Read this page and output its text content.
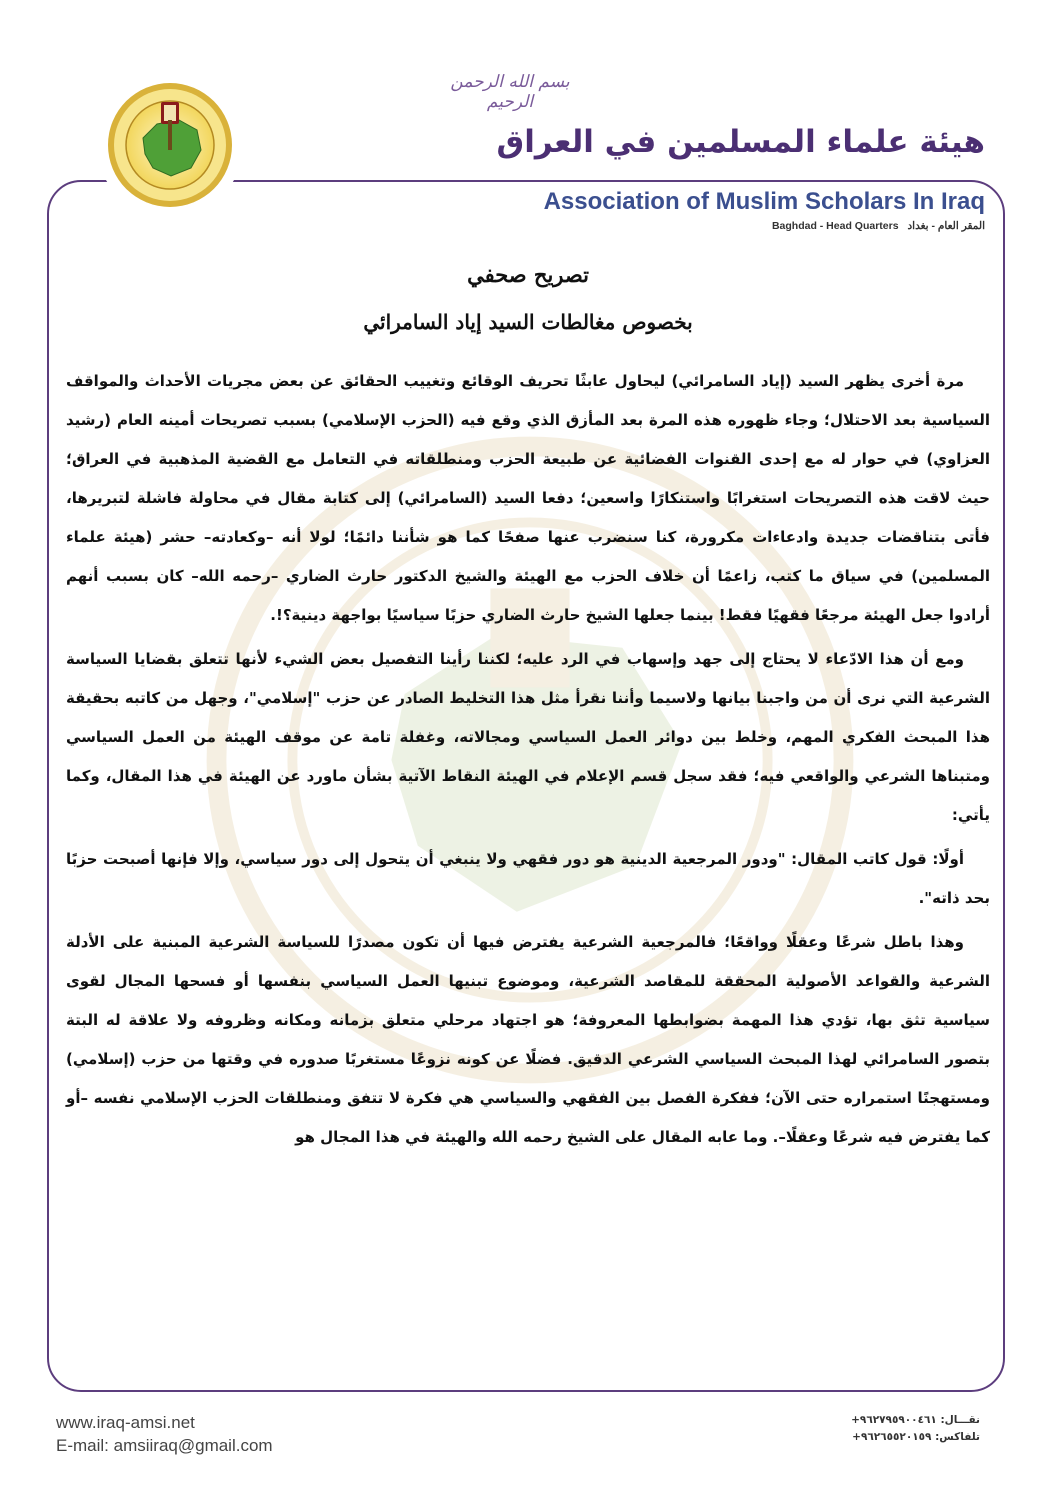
بسم الله الرحمن الرحيم
هيئة علماء المسلمين في العراق
Association of Muslim Scholars In Iraq
Baghdad - Head Quarters المقر العام - بغداد
تصريح صحفي
بخصوص مغالطات السيد إياد السامرائي

مرة أخرى يظهر السيد (إياد السامرائي) ليحاول عابثًا تحريف الوقائع وتغييب الحقائق عن بعض مجريات الأحداث والمواقف السياسية بعد الاحتلال؛ وجاء ظهوره هذه المرة بعد المأزق الذي وقع فيه (الحزب الإسلامي) بسبب تصريحات أمينه العام (رشيد العزاوي) في حوار له مع إحدى القنوات الفضائية عن طبيعة الحزب ومنطلقاته في التعامل مع القضية المذهبية في العراق؛ حيث لاقت هذه التصريحات استغرابًا واستنكارًا واسعين؛ دفعا السيد (السامرائي) إلى كتابة مقال في محاولة فاشلة لتبريرها، فأتى بتناقضات جديدة وادعاءات مكرورة، كنا سنضرب عنها صفحًا كما هو شأننا دائمًا؛ لولا أنه –وكعادته– حشر (هيئة علماء المسلمين) في سياق ما كتب، زاعمًا أن خلاف الحزب مع الهيئة والشيخ الدكتور حارث الضاري –رحمه الله– كان بسبب أنهم أرادوا جعل الهيئة مرجعًا فقهيًا فقط! بينما جعلها الشيخ حارث الضاري حزبًا سياسيًا بواجهة دينية؟!.

ومع أن هذا الادّعاء لا يحتاج إلى جهد وإسهاب في الرد عليه؛ لكننا رأينا التفصيل بعض الشيء لأنها تتعلق بقضايا السياسة الشرعية التي نرى أن من واجبنا بيانها ولاسيما وأننا نقرأ مثل هذا التخليط الصادر عن حزب "إسلامي"، وجهل من كاتبه بحقيقة هذا المبحث الفكري المهم، وخلط بين دوائر العمل السياسي ومجالاته، وغفلة تامة عن موقف الهيئة من العمل السياسي ومتبناها الشرعي والواقعي فيه؛ فقد سجل قسم الإعلام في الهيئة النقاط الآتية بشأن ماورد عن الهيئة في هذا المقال، وكما يأتي:

أولًا: قول كاتب المقال: "ودور المرجعية الدينية هو دور فقهي ولا ينبغي أن يتحول إلى دور سياسي، وإلا فإنها أصبحت حزبًا بحد ذاته".

وهذا باطل شرعًا وعقلًا وواقعًا؛ فالمرجعية الشرعية يفترض فيها أن تكون مصدرًا للسياسة الشرعية المبنية على الأدلة الشرعية والقواعد الأصولية المحققة للمقاصد الشرعية، وموضوع تبنيها العمل السياسي بنفسها أو فسحها المجال لقوى سياسية تثق بها، تؤدي هذا المهمة بضوابطها المعروفة؛ هو اجتهاد مرحلي متعلق بزمانه ومكانه وظروفه ولا علاقة له البتة بتصور السامرائي لهذا المبحث السياسي الشرعي الدقيق. فضلًا عن كونه نزوعًا مستغربًا صدوره في وقتها من حزب (إسلامي) ومستهجنًا استمراره حتى الآن؛ ففكرة الفصل بين الفقهي والسياسي هي فكرة لا تتفق ومنطلقات الحزب الإسلامي نفسه –أو كما يفترض فيه شرعًا وعقلًا–. وما عابه المقال على الشيخ رحمه الله والهيئة في هذا المجال هو

www.iraq-amsi.net
E-mail: amsiiraq@gmail.com
نقـــال: ٩٦٢٧٩٥٩٠٠٤٦١+
تلفاكس: ٩٦٢٦٥٥٢٠١٥٩+
